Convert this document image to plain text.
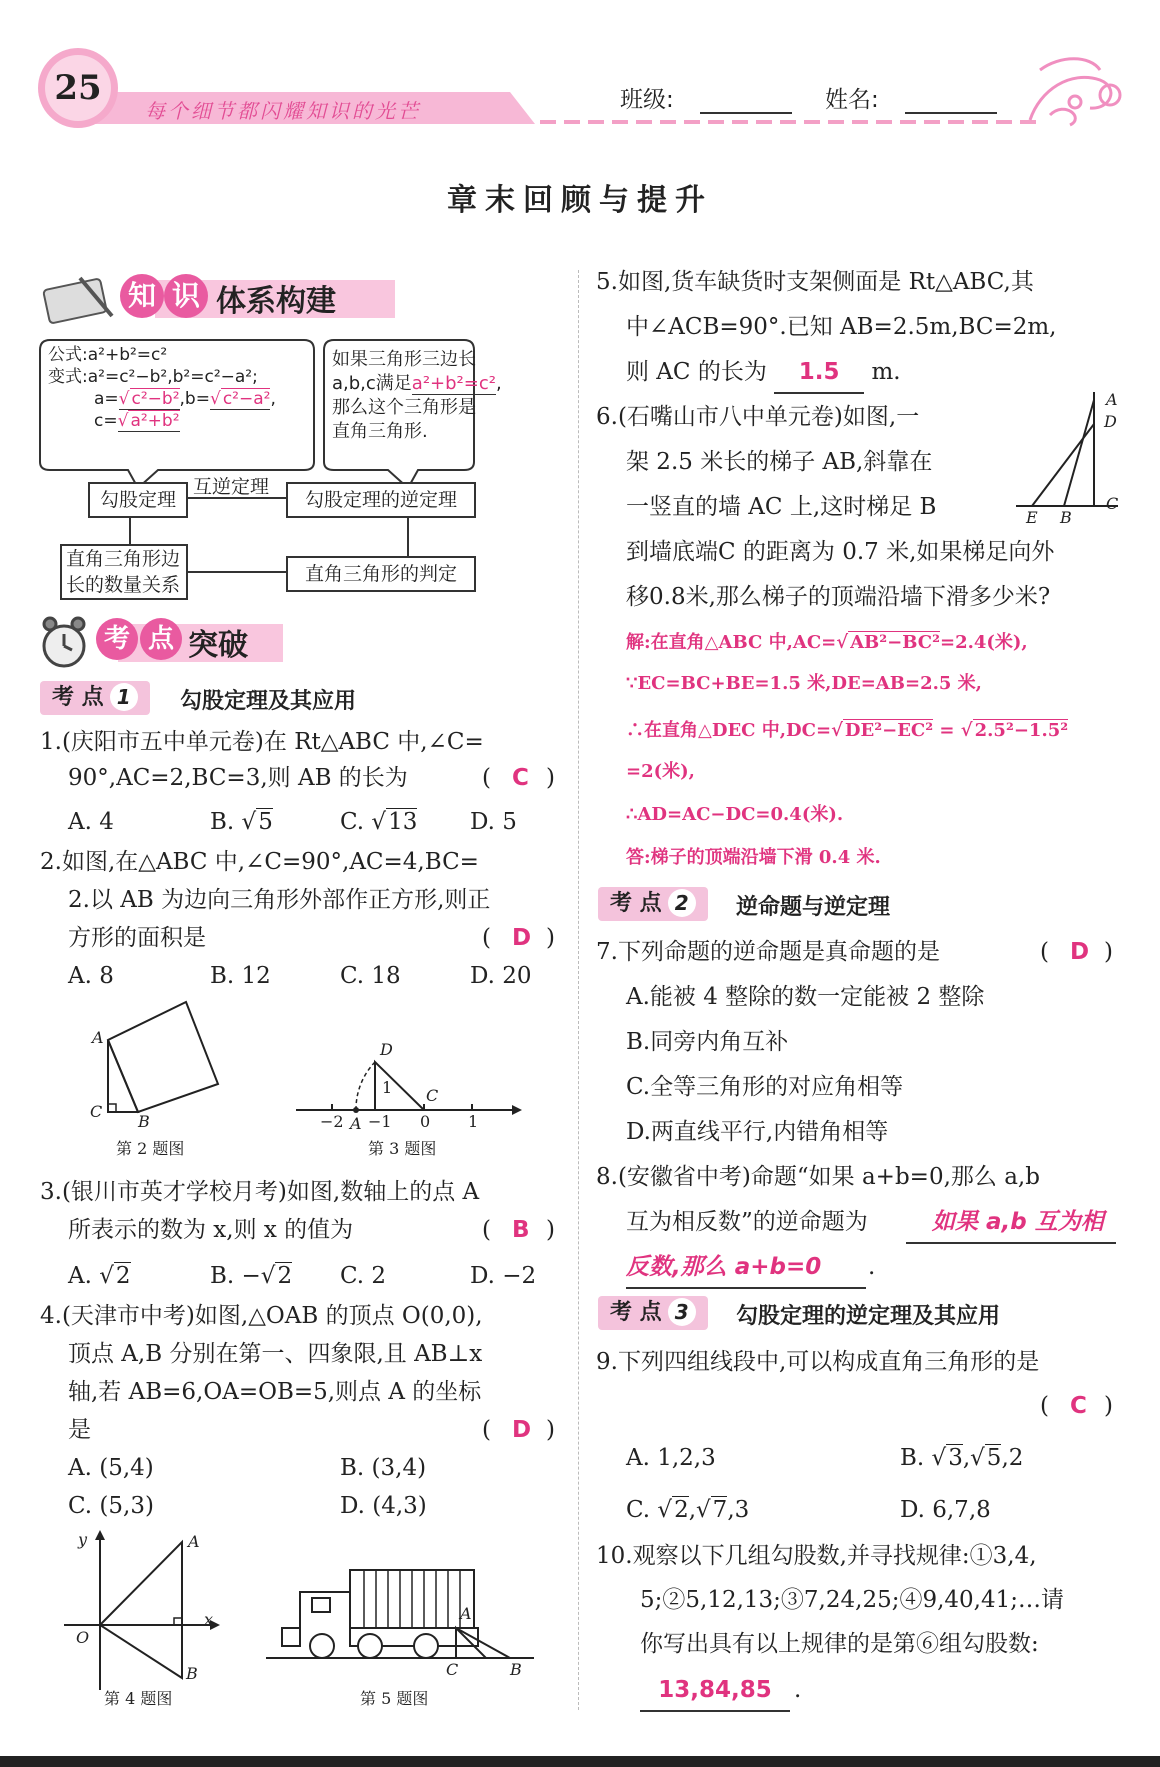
25
每个细节都闪耀知识的光芒	班级:	姓名:
章末回顾与提升
知 识 体系构建
公式:a²+b²=c²
变式:a²=c²−b²,b²=c²−a²;
a=√ c²−b²,b=√ c²−a²,
c=√ a²+b²
如果三角形三边长
a,b,c满足a²+b²=c²,
那么这个三角形是
直角三角形.
勾股定理
互逆定理
勾股定理的逆定理
直角三角形边
长的数量关系	直角三角形的判定
考 点 突破
考 点 1	勾股定理及其应用
1.(庆阳市五中单元卷)在 Rt△ABC 中,∠C=
90°,AC=2,BC=3,则 AB 的长为	( C )
A. 4	B. √5	C. √13 D. 5
2.如图,在△ABC 中,∠C=90°,AC=4,BC=
2.以 AB 为边向三角形外部作正方形,则正
方形的面积是	( D )
A. 8	B. 12	C. 18	D. 20
A
C
B
第 2 题图
D
1 C
−2 A −1 0 1
第 3 题图
3.(银川市英才学校月考)如图,数轴上的点 A
所表示的数为 x,则 x 的值为	( B )
A. √2	B. −√2 C. 2	D. −2
4.(天津市中考)如图,△OAB 的顶点 O(0,0),
顶点 A,B 分别在第一、四象限,且 AB⊥x
轴,若 AB=6,OA=OB=5,则点 A 的坐标
是	( D )
A. (5,4)	B. (3,4)
C. (5,3)	D. (4,3)
y	A
O
x
B
第 4 题图
A
C	B
第 5 题图
5.如图,货车缺货时支架侧面是 Rt△ABC,其
中∠ACB=90°.已知 AB=2.5m,BC=2m,
则 AC 的长为 1.5 m.
6.(石嘴山市八中单元卷)如图,一
架 2.5 米长的梯子 AB,斜靠在
一竖直的墙 AC 上,这时梯足 B
到墙底端C 的距离为 0.7 米,如果梯足向外
移0.8米,那么梯子的顶端沿墙下滑多少米?
A
D
E B
C
解:在直角△ABC 中,AC=√ AB²−BC²=2.4(米),
∵EC=BC+BE=1.5 米,DE=AB=2.5 米,
∴在直角△DEC 中,DC=√ DE²−EC² = √ 2.5²−1.5²
=2(米),
∴AD=AC−DC=0.4(米).
答:梯子的顶端沿墙下滑 0.4 米.
考 点 2	逆命题与逆定理
7.下列命题的逆命题是真命题的是	( D )
A.能被 4 整除的数一定能被 2 整除
B.同旁内角互补
C.全等三角形的对应角相等
D.两直线平行,内错角相等
8.(安徽省中考)命题“如果 a+b=0,那么 a,b
互为相反数”的逆命题为	如果 a,b 互为相
反数,那么 a+b=0	.
考 点 3	勾股定理的逆定理及其应用
9.下列四组线段中,可以构成直角三角形的是
( C )
A. 1,2,3	B. √3,√5,2
C. √2,√7,3	D. 6,7,8
10.观察以下几组勾股数,并寻找规律:①3,4,
5;②5,12,13;③7,24,25;④9,40,41;…请
你写出具有以上规律的是第⑥组勾股数:
13,84,85 .
